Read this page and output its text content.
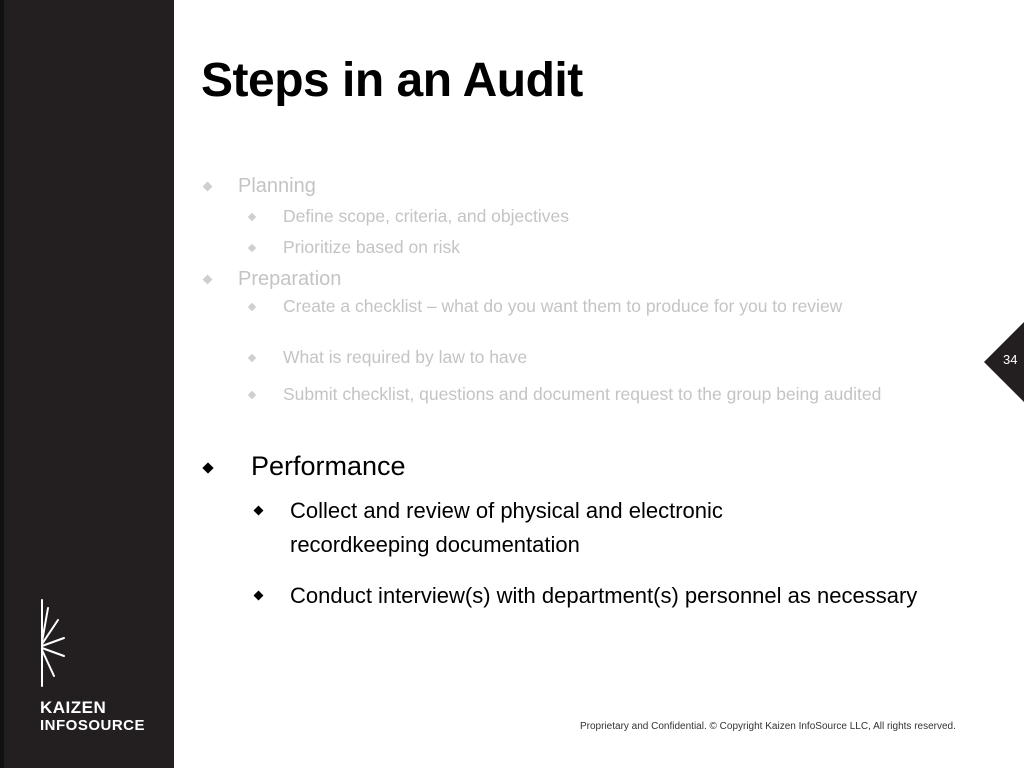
KAIZEN
INFOSOURCE
Steps in an Audit
Planning
Define scope, criteria, and objectives
Prioritize based on risk
Preparation
Create a checklist – what do you want them to produce for you to review
What is required by law to have
Submit checklist, questions and document request to the group being audited
Performance
Collect and review of physical and electronic recordkeeping documentation
Conduct interview(s) with department(s) personnel as necessary
34
Proprietary and Confidential. © Copyright Kaizen InfoSource LLC, All rights reserved.
